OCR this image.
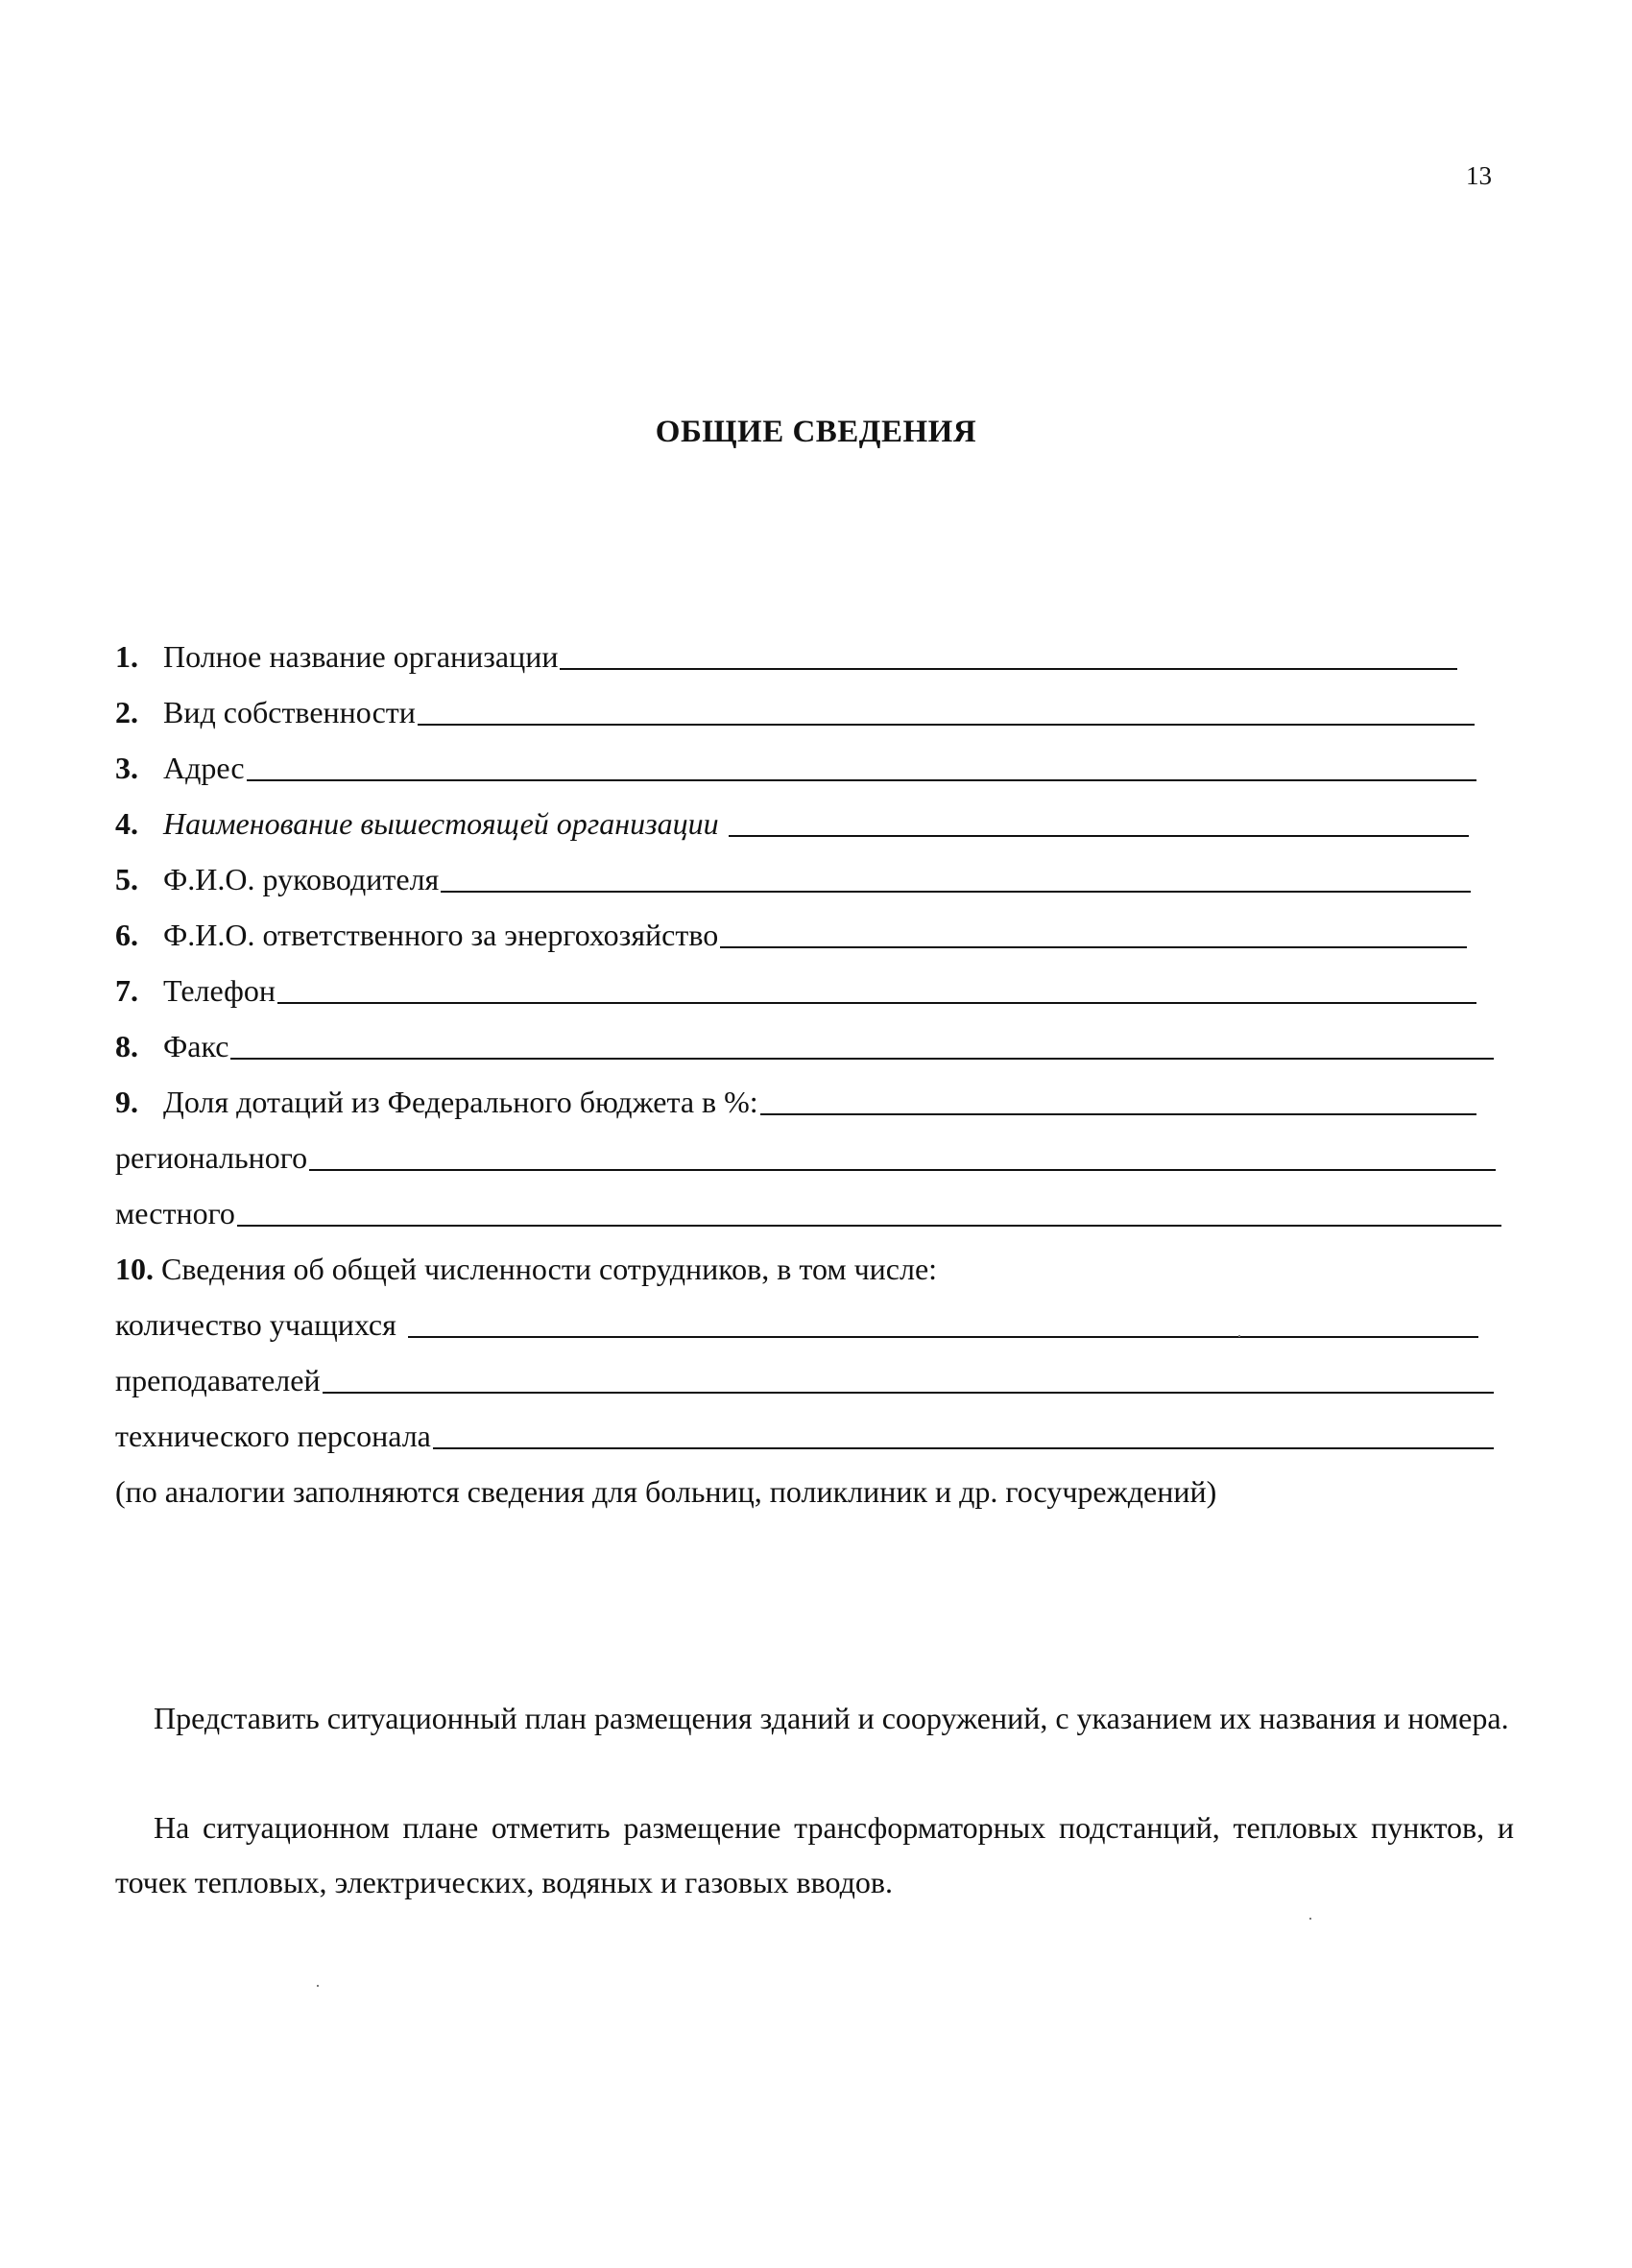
13
ОБЩИЕ СВЕДЕНИЯ
1. Полное название организации
2. Вид собственности
3. Адрес
4. Наименование вышестоящей организации
5. Ф.И.О. руководителя
6. Ф.И.О. ответственного за энергохозяйство
7. Телефон
8. Факс
9. Доля дотаций из Федерального бюджета в %:
регионального
местного
10. Сведения об общей численности сотрудников, в том числе:
количество учащихся
преподавателей
технического персонала
(по аналогии заполняются сведения для больниц, поликлиник и др. госучреждений)
Представить ситуационный план размещения зданий и сооружений, с указанием их названия и номера.
На ситуационном плане отметить размещение трансформаторных подстанций, тепловых пунктов, и точек тепловых, электрических, водяных и газовых вводов.
